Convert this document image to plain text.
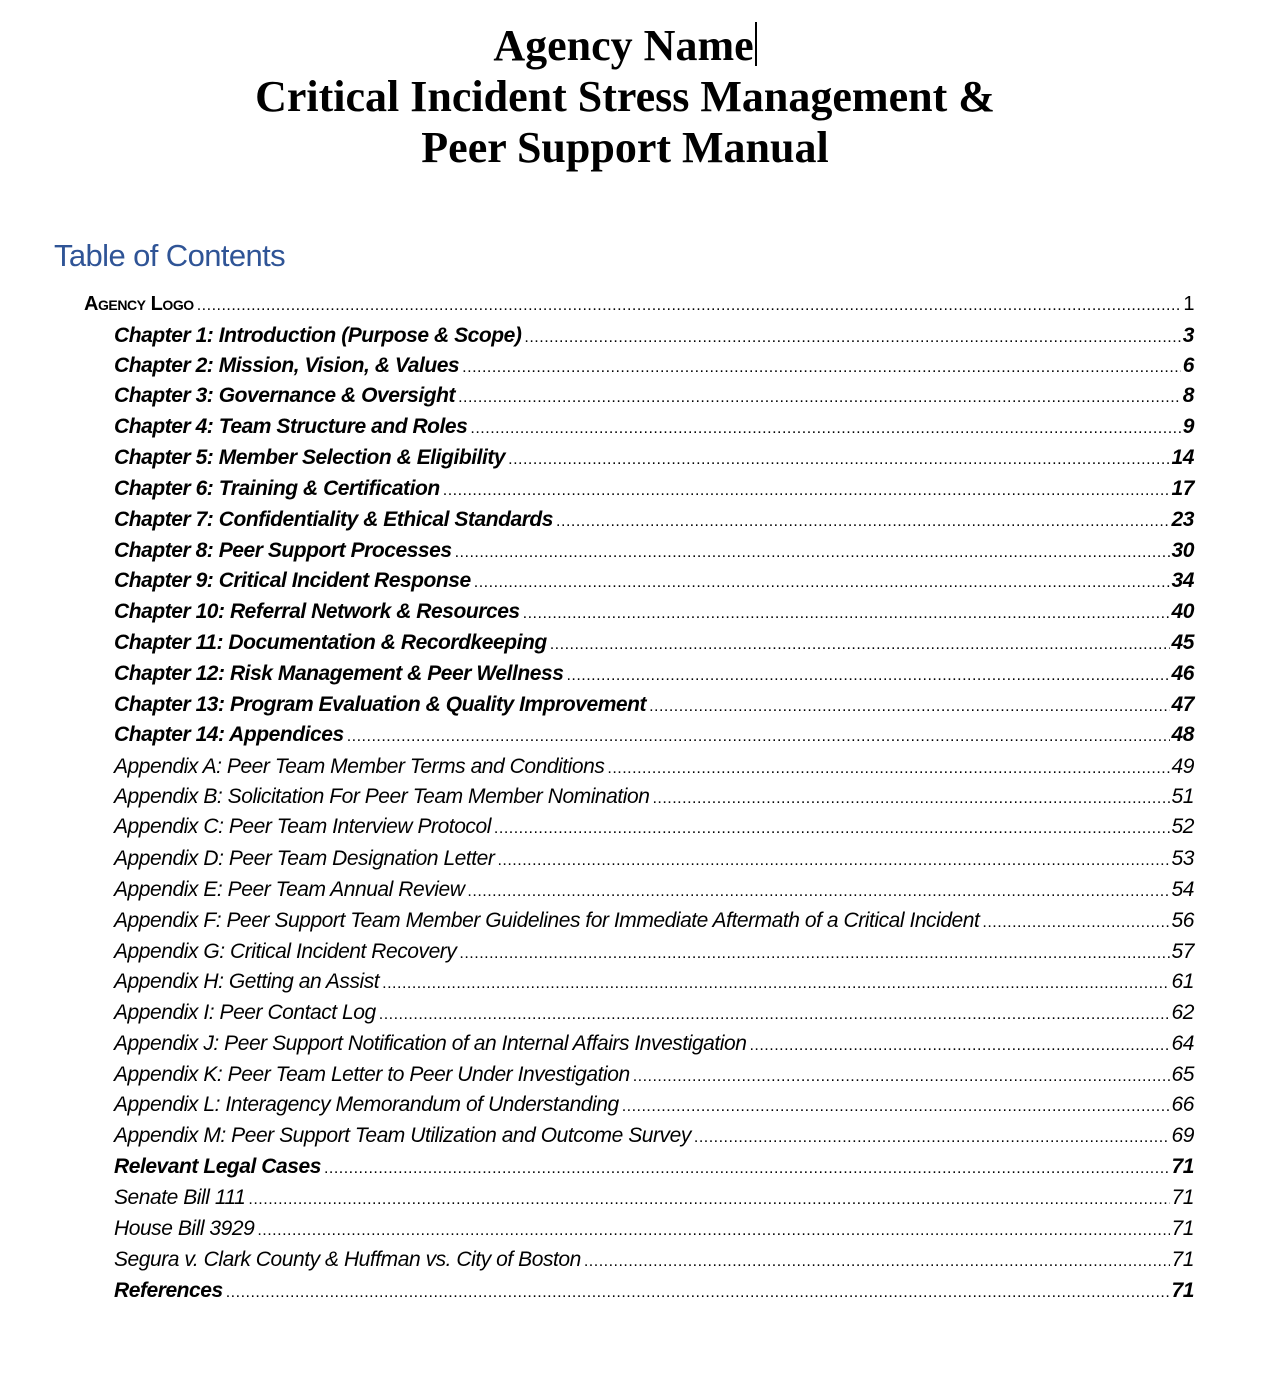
Agency Name
Critical Incident Stress Management &
Peer Support Manual
Table of Contents
Agency Logo .....	1
Chapter 1: Introduction (Purpose & Scope) .....	3
Chapter 2: Mission, Vision, & Values .....	6
Chapter 3: Governance & Oversight .....	8
Chapter 4: Team Structure and Roles .....	9
Chapter 5: Member Selection & Eligibility .....	14
Chapter 6: Training & Certification .....	17
Chapter 7: Confidentiality & Ethical Standards .....	23
Chapter 8: Peer Support Processes .....	30
Chapter 9: Critical Incident Response .....	34
Chapter 10: Referral Network & Resources .....	40
Chapter 11: Documentation & Recordkeeping .....	45
Chapter 12: Risk Management & Peer Wellness .....	46
Chapter 13: Program Evaluation & Quality Improvement .....	47
Chapter 14: Appendices .....	48
Appendix A: Peer Team Member Terms and Conditions .....	49
Appendix B: Solicitation For Peer Team Member Nomination .....	51
Appendix C: Peer Team Interview Protocol .....	52
Appendix D: Peer Team Designation Letter .....	53
Appendix E: Peer Team Annual Review .....	54
Appendix F: Peer Support Team Member Guidelines for Immediate Aftermath of a Critical Incident .....	56
Appendix G: Critical Incident Recovery .....	57
Appendix H: Getting an Assist .....	61
Appendix I: Peer Contact Log .....	62
Appendix J: Peer Support Notification of an Internal Affairs Investigation .....	64
Appendix K: Peer Team Letter to Peer Under Investigation .....	65
Appendix L: Interagency Memorandum of Understanding .....	66
Appendix M: Peer Support Team Utilization and Outcome Survey .....	69
Relevant Legal Cases .....	71
Senate Bill 111 .....	71
House Bill 3929 .....	71
Segura v. Clark County & Huffman vs. City of Boston .....	71
References .....	71
